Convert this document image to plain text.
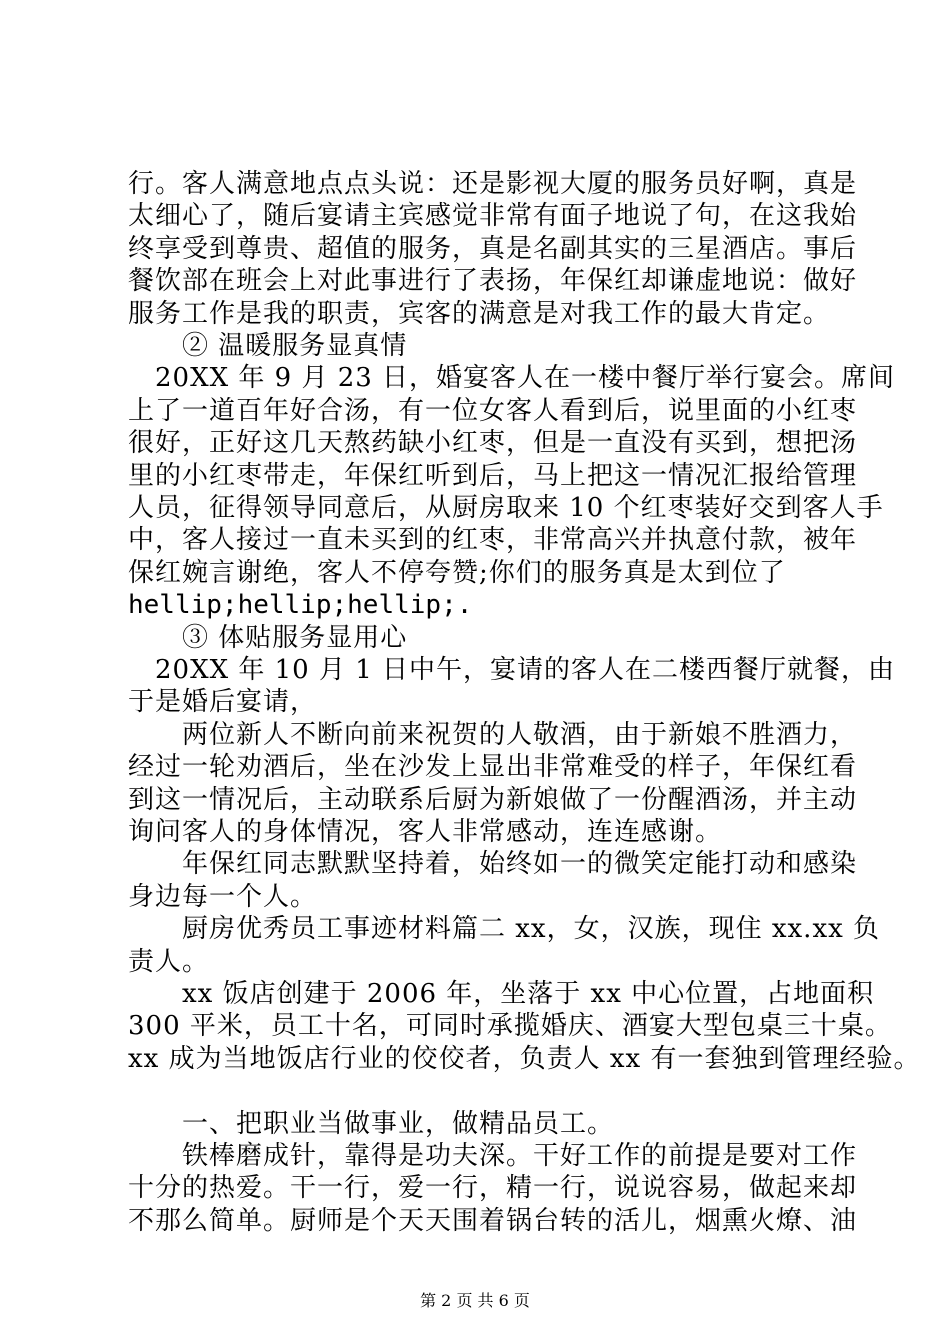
行。客人满意地点点头说：还是影视大厦的服务员好啊，真是
太细心了，随后宴请主宾感觉非常有面子地说了句，在这我始
终享受到尊贵、超值的服务，真是名副其实的三星酒店。事后
餐饮部在班会上对此事进行了表扬，年保红却谦虚地说：做好
服务工作是我的职责，宾客的满意是对我工作的最大肯定。
　　② 温暖服务显真情
　20XX 年 9 月 23 日，婚宴客人在一楼中餐厅举行宴会。席间
上了一道百年好合汤，有一位女客人看到后，说里面的小红枣
很好，正好这几天熬药缺小红枣，但是一直没有买到，想把汤
里的小红枣带走，年保红听到后，马上把这一情况汇报给管理
人员，征得领导同意后，从厨房取来 10 个红枣装好交到客人手
中，客人接过一直未买到的红枣，非常高兴并执意付款，被年
保红婉言谢绝，客人不停夸赞;你们的服务真是太到位了
hellip;hellip;hellip;.
　　③ 体贴服务显用心
　20XX 年 10 月 1 日中午，宴请的客人在二楼西餐厅就餐，由
于是婚后宴请，
　　两位新人不断向前来祝贺的人敬酒，由于新娘不胜酒力，
经过一轮劝酒后，坐在沙发上显出非常难受的样子，年保红看
到这一情况后，主动联系后厨为新娘做了一份醒酒汤，并主动
询问客人的身体情况，客人非常感动，连连感谢。
　　年保红同志默默坚持着，始终如一的微笑定能打动和感染
身边每一个人。
　　厨房优秀员工事迹材料篇二 xx，女，汉族，现住 xx.xx 负
责人。
　　xx 饭店创建于 2006 年，坐落于 xx 中心位置，占地面积
300 平米，员工十名，可同时承揽婚庆、酒宴大型包桌三十桌。
xx 成为当地饭店行业的佼佼者，负责人 xx 有一套独到管理经验。
　　一、把职业当做事业，做精品员工。
　　铁棒磨成针，靠得是功夫深。干好工作的前提是要对工作
十分的热爱。干一行，爱一行，精一行，说说容易，做起来却
不那么简单。厨师是个天天围着锅台转的活儿，烟熏火燎、油
第 2 页 共 6 页
